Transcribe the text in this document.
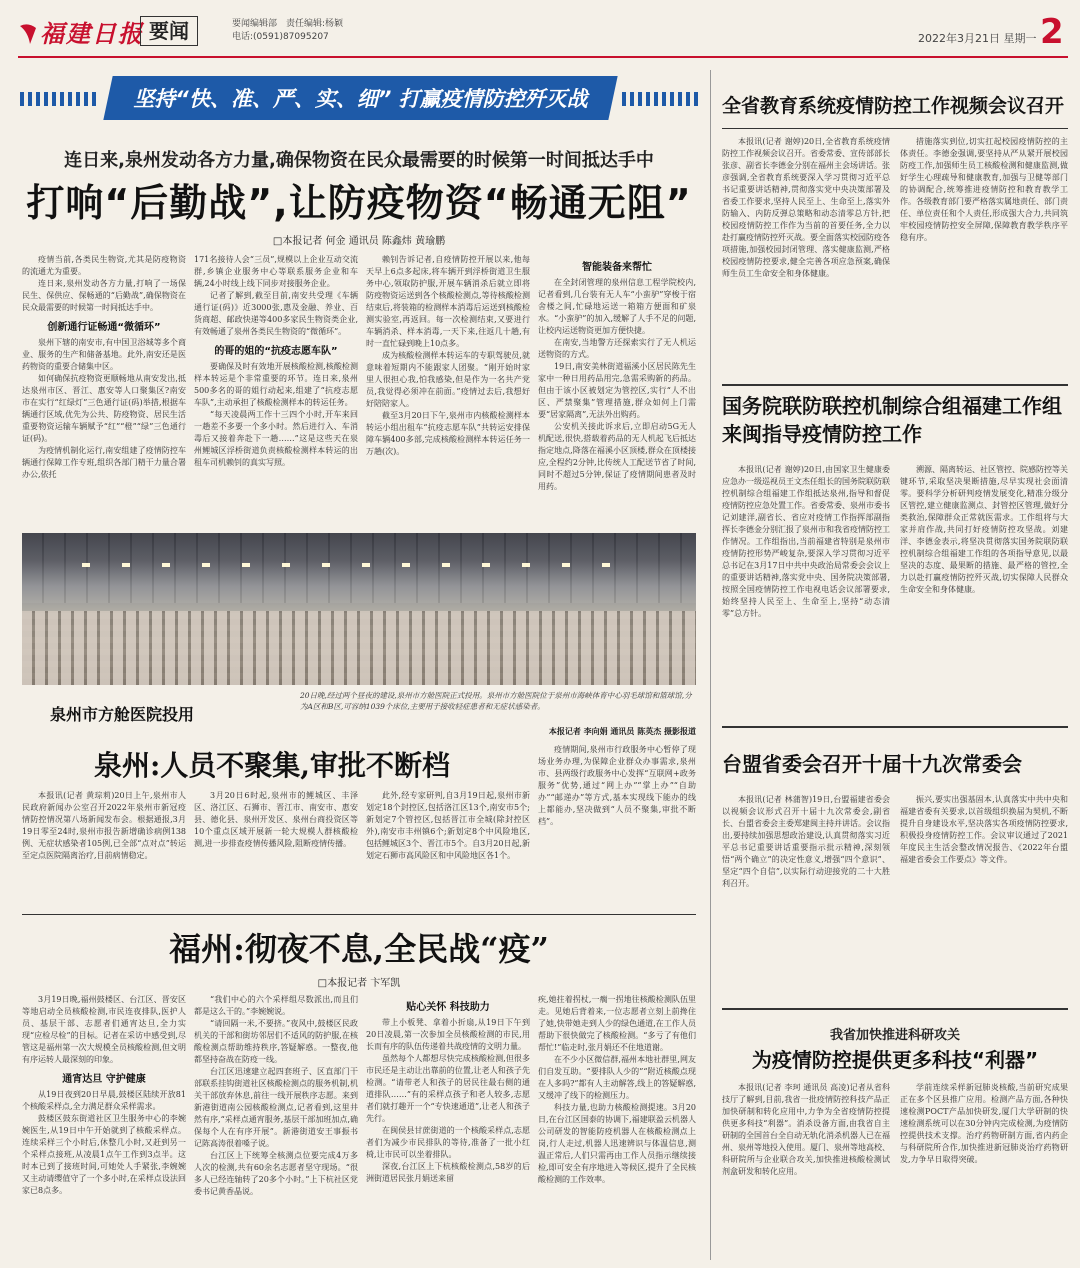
福建日报 要闻	要闻编辑部　责任编辑:杨颖
电话:(0591)87095207	2022年3月21日 星期一 2
坚持“快、准、严、实、细” 打赢疫情防控歼灭战
连日来,泉州发动各方力量,确保物资在民众最需要的时候第一时间抵达手中
打响“后勤战”,让防疫物资“畅通无阻”
□本报记者 何金 通讯员 陈鑫炜 黄瑜鹏

疫情当前,各类民生物资,尤其是防疫物资的流通尤为重要。

连日来,泉州发动各方力量,打响了一场保民生、保供应、保畅通的“后勤战”,确保物资在民众最需要的时候第一时间抵达手中。

创新通行证畅通“微循环”

泉州下辖的南安市,有中国卫浴城等多个商业、服务的生产和储备基地。此外,南安还是医药物资的重要合储集中区。

如何确保抗疫物资更顺畅地从南安发出,抵达泉州市区、晋江、惠安等人口聚集区?南安市在实行“红绿灯”三色通行证(码)举措,根据车辆通行区域,优先为公共、防疫物资、居民生活重要物资运输车辆赋予“红”“橙”“绿”三色通行证(码)。

为疫情机制化运行,南安组建了疫情防控车辆通行保障工作专班,组织各部门精干力量合署办公,依托

171名接待人会“三员”,规模以上企业互动交流群,乡镇企业服务中心等联系服务企业和车辆,24小时线上线下同步对接服务企业。

记者了解到,截至目前,南安共受理《车辆通行证(码)》近3000张,惠及金融、养业、百货商超、邮政快递等400多家民生物资类企业,有效畅通了泉州各类民生物资的“微循环”。

的哥的姐的“抗疫志愿车队”

要确保及时有效地开展核酸检测,核酸检测样本转运是个非常重要的环节。连日来,泉州500多名的哥的姐行动起来,组建了“抗疫志愿车队”,主动承担了核酸检测样本的转运任务。

“每天凌晨两工作十三四个小时,开车来回一趟差不多要一个多小时。然后进行入、车消毒后又接着奔赴下一趟……”这是这些天在泉州鲤城区浮桥街道负责核酸检测样本转运的出租车司机赖钊的真实写照。

赖钊告诉记者,自疫情防控开展以来,他每天早上6点多起床,将车辆开到浮桥街道卫生服务中心,领取防护服,开展车辆消杀后就立即将防疫物资运送到各个核酸检测点,等待核酸检测结束后,将装箱的检测样本消毒后运送到核酸检测实验室,再返回。每一次检测结束,又要进行车辆消杀、样本消毒,一天下来,往返几十趟,有时一直忙碌到晚上10点多。

成为核酸检测样本转运车的专职驾驶员,就意味着短期内不能跟家人团聚。“刚开始时家里人很担心我,怕我感染,但是作为一名共产党员,我觉得必须冲在前面。”疫情过去后,我想好好陪陪家人。

截至3月20日下午,泉州市内核酸检测样本转运小组出租车“抗疫志愿车队”共转运安排保障车辆400多部,完成核酸检测样本转运任务一万趟(次)。

智能装备来帮忙

在全封闭管理的泉州信息工程学院校内,记者看到,几台装有无人车“小蛮驴”穿梭于宿舍楼之间,忙碌地运送一箱箱方便面和矿泉水。“小蛮驴”的加入,缓解了人手不足的问题,让校内运送物资更加方便快捷。

在南安,当地警方还探索实行了无人机运送物资的方式。

19日,南安美林街道福溪小区居民陈先生家中一种日用药品用完,急需采购新的药品。但由于该小区被划定为管控区,实行“人不出区、严禁聚集”管理措施,群众如何上门需要“居家隔离”,无法外出购药。

公安机关接此诉求后,立即启动5G无人机配送,很快,搭载着药品的无人机起飞后抵达指定地点,降落在福溪小区顶楼,群众在顶楼接应,全程约2分钟,比传统人工配送节省了时间,同时不超过5分钟,保证了疫情期间患者及时用药。

泉州市方舱医院投用
20日晚,经过两个昼夜的建设,泉州市方舱医院正式投用。泉州市方舱医院位于泉州市海峡体育中心羽毛球馆和篮球馆,分为A区和B区,可容纳1039个床位,主要用于接收轻症患者和无症状感染者。
本报记者 李向娟 通讯员 陈英杰 摄影报道
泉州:人员不聚集,审批不断档
本报讯(记者 黄琮莉)20日上午,泉州市人民政府新闻办公室召开2022年泉州市新冠疫情防控情况第八场新闻发布会。根据通报,3月19日零至24时,泉州市报告新增确诊病例138例、无症状感染者105例,已全部“点对点”转运至定点医院隔离治疗,目前病情稳定。
3月20日6时起,泉州市的鲤城区、丰泽区、洛江区、石狮市、晋江市、南安市、惠安县、德化县、泉州开发区、泉州台商投资区等10个重点区域开展新一轮大规模人群核酸检测,进一步排查疫情传播风险,阻断疫情传播。
此外,经专家研判,自3月19日起,泉州市新划定18个封控区,包括洛江区13个,南安市5个;新划定7个管控区,包括晋江市全城(除封控区外),南安市丰州镇6个;新划定8个中风险地区,包括鲤城区3个、晋江市5个。自3月20日起,新划定石狮市高风险区和中风险地区各1个。
疫情期间,泉州市行政服务中心暂停了现场业务办理,为保障企业群众办事需求,泉州市、县两级行政服务中心发挥“互联网+政务服务”优势,通过“网上办”“掌上办”“自助办”“邮递办”等方式,基本实现线下能办的线上都能办,坚决做到“人员不聚集,审批不断档”。
福州:彻夜不息,全民战“疫”
□本报记者 卞军凯

3月19日晚,福州鼓楼区、台江区、晋安区等地启动全员核酸检测,市民连夜排队,医护人员、基层干部、志愿者们通宵达旦,全力实现“应检尽检”的目标。记者在采访中感受到,尽管这是福州第一次大规模全员核酸检测,但文明有序运转人最深刻的印象。

通宵达旦 守护健康

从19日夜到20日早晨,鼓楼区陆续开放81个核酸采样点,全力满足群众采样需求。

鼓楼区鼓东街道社区卫生服务中心的李婉婉医生,从19日中午开始就到了核酸采样点。连续采样三个小时后,休整几小时,又赶到另一个采样点接班,从凌晨1点午工作到3点半。这时本已到了接班时间,可她处人手紧张,李婉婉又主动请缨值守了一个多小时,在采样点设法回家已8点多。

“我们中心的六个采样组尽数派出,而且们都是这么干的。”李婉婉说。

“请回隔一米,不要挤。”夜风中,鼓楼区民政机关的干部和街坊邻居们不适风的防护服,在核酸检测点帮助维持秩序,答疑解惑。一整夜,他都坚持奋战在防疫一线。

台江区迅速建立起四套班子、区直部门干部联系挂钩街道社区核酸检测点的服务机制,机关干部放弃休息,前往一线开展秩序志愿。来到新港街道南公园核酸检测点,记者看到,这里井然有序,“采样点通宵服务,基层干部加班加点,确保每个人在有序开展”。新港街道安王事振书记陈高涛很着嗓子说。

台江区上下统筹全核测点位要完成4万多人次的检测,共有60余名志愿者坚守现场。“很多人已经连轴转了20多个小时。”上下杭社区党委书记黄香晶说。

贴心关怀 科技助力

带上小板凳、拿着小折扇,从19日下午到20日凌晨,第一次参加全员核酸检测的市民,用长而有序的队伍传递着共战疫情的文明力量。

虽然每个人都想尽快完成核酸检测,但很多市民还是主动让出靠前的位置,让老人和孩子先检测。“请带老人和孩子的居民往最右侧的通道排队……”有的采样点孩子和老人较多,志愿者们就打趣开一个“专快速通道”,让老人和孩子先行。

在闽侯县甘蔗街道的一个核酸采样点,志愿者们为减少市民排队的等待,准备了一批小红椅,让市民可以坐着排队。

深夜,台江区上下杭核酸检测点,58岁的后洲街道居民张月娟送来留

疾,她拄着拐杖,一瘸一拐地往核酸检测队伍里走。见她后背着来,一位志愿者立刻上前搀住了她,快带她走到人少的绿色通道,在工作人员帮助下很快做完了核酸检测。“多亏了有他们帮忙!”临走时,张月娟还不住地道谢。

在不少小区微信群,福州本地社群里,网友们自发互助。“要排队人少的”“附近核酸点现在人多吗?”都有人主动解答,线上的答疑解惑,又缓冲了线下的检测压力。

科技力量,也助力核酸检测提速。3月20日,在台江区国泰的协调下,福建联盈云机器人公司研发的智能防疫机器人在核酸检测点上岗,行人走过,机器人迅速辨识与体温信息,测温正常后,人们只需再由工作人员指示继续接检,即可安全有序地进入等候区,提升了全民核酸检测的工作效率。

全省教育系统疫情防控工作视频会议召开
本报讯(记者 谢婷)20日,全省教育系统疫情防控工作视频会议召开。省委常委、宣传部部长张彦、副省长李德金分别在福州主会场讲话。张彦强调,全省教育系统要深入学习贯彻习近平总书记重要讲话精神,贯彻落实党中央决策部署及省委工作要求,坚持人民至上、生命至上,落实外防输入、内防反弹总策略和动态清零总方针,把校园疫情防控工作作为当前的首要任务,全力以赴打赢疫情防控歼灭战。要全面落实校园防疫各项措施,加强校园封闭管理、落实健康监测,严格校园疫情防控要求,健全完善各项应急预案,确保师生员工生命安全和身体健康。
措施落实到位,切实扛起校园疫情防控的主体责任。李德金强调,要坚持从严从紧开展校园防疫工作,加强师生员工核酸检测和健康监测,做好学生心理疏导和健康教育,加强与卫健等部门的协调配合,统筹推进疫情防控和教育教学工作。各级教育部门要严格落实属地责任、部门责任、单位责任和个人责任,形成强大合力,共同筑牢校园疫情防控安全屏障,保障教育教学秩序平稳有序。
国务院联防联控机制综合组福建工作组来闽指导疫情防控工作
本报讯(记者 谢婷)20日,由国家卫生健康委应急办一级巡视员王文杰任组长的国务院联防联控机制综合组福建工作组抵达泉州,指导和督促疫情防控应急处置工作。省委常委、泉州市委书记刘建洋,副省长、省应对疫情工作指挥部副指挥长李德金分别汇报了泉州市和我省疫情防控工作情况。工作组指出,当前福建省特别是泉州市疫情防控形势严峻复杂,要深入学习贯彻习近平总书记在3月17日中共中央政治局常委会会议上的重要讲话精神,落实党中央、国务院决策部署,按照全国疫情防控工作电视电话会议部署要求,始终坚持人民至上、生命至上,坚持“动态清零”总方针。
溯源、隔离转运、社区管控、院感防控等关键环节,采取坚决果断措施,尽早实现社会面清零。要科学分析研判疫情发展变化,精准分级分区管控,建立健康监测点、封管控区管理,做好分类救治,保障群众正常就医需求。工作组将与大家并肩作战,共同打好疫情防控攻坚战。刘建洋、李德金表示,将坚决贯彻落实国务院联防联控机制综合组福建工作组的各项指导意见,以最坚决的态度、最果断的措施、最严格的管控,全力以赴打赢疫情防控歼灭战,切实保障人民群众生命安全和身体健康。
台盟省委会召开十届十九次常委会
本报讯(记者 林蒲智)19日,台盟福建省委会以视频会议形式召开十届十九次常委会,副省长、台盟省委会主委郑建闽主持并讲话。会议指出,要持续加强思想政治建设,认真贯彻落实习近平总书记重要讲话重要指示批示精神,深刻领悟“两个确立”的决定性意义,增强“四个意识”、坚定“四个自信”,以实际行动迎接党的二十大胜利召开。
振兴,要实出强基固本,认真落实中共中央和福建省委有关要求,以首级组织换届为契机,不断提升自身建设水平,坚决落实各项疫情防控要求,积极投身疫情防控工作。会议审议通过了2021年度民主生活会整改情况报告、《2022年台盟福建省委会工作要点》等文件。
我省加快推进科研攻关
为疫情防控提供更多科技“利器”
本报讯(记者 李珂 通讯员 高凌)记者从省科技厅了解到,目前,我省一批疫情防控科技产品正加快研制和转化应用中,力争为全省疫情防控提供更多科技“利器”。消杀设备方面,由我省自主研制的全国首台全自动无轨化消杀机器人已在福州、泉州等地投入使用。厦门、泉州等地高校、科研院所与企业联合攻关,加快推进核酸检测试剂盒研发和转化应用。
学前连续采样新冠肺炎核酸,当前研究成果正在多个区县推广应用。检测产品方面,各种快速检测POCT产品加快研发,厦门大学研制的快速检测系统可以在30分钟内完成检测,为疫情防控提供技术支撑。治疗药物研制方面,省内药企与科研院所合作,加快推进新冠肺炎治疗药物研发,力争早日取得突破。
